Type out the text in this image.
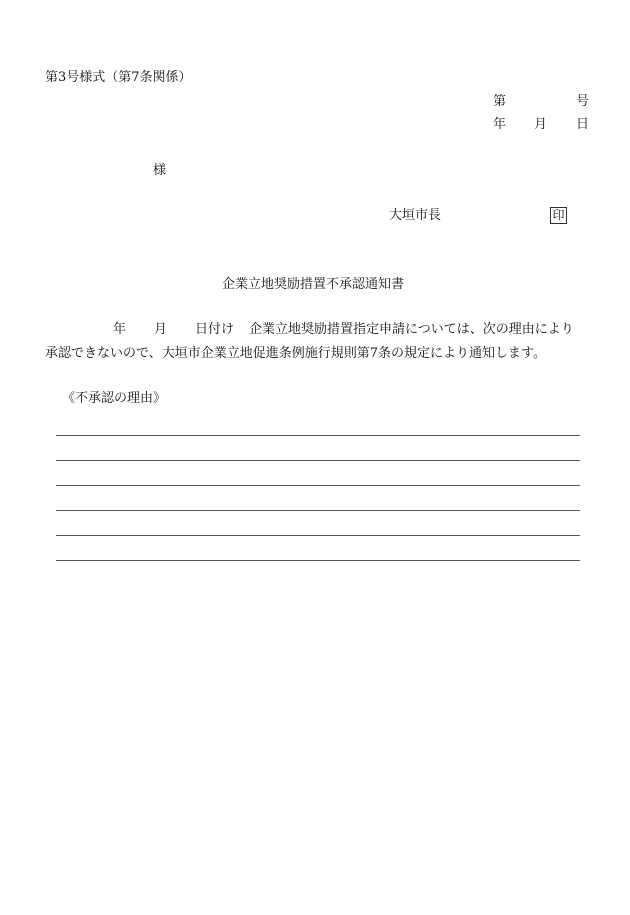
第3号様式（第7条関係）
第	号
年 月 日
様
大垣市長	印
企業立地奨励措置不承認通知書
年 月 日付け 企業立地奨励措置指定申請については、次の理由により
承認できないので、大垣市企業立地促進条例施行規則第7条の規定により通知します。
《不承認の理由》
